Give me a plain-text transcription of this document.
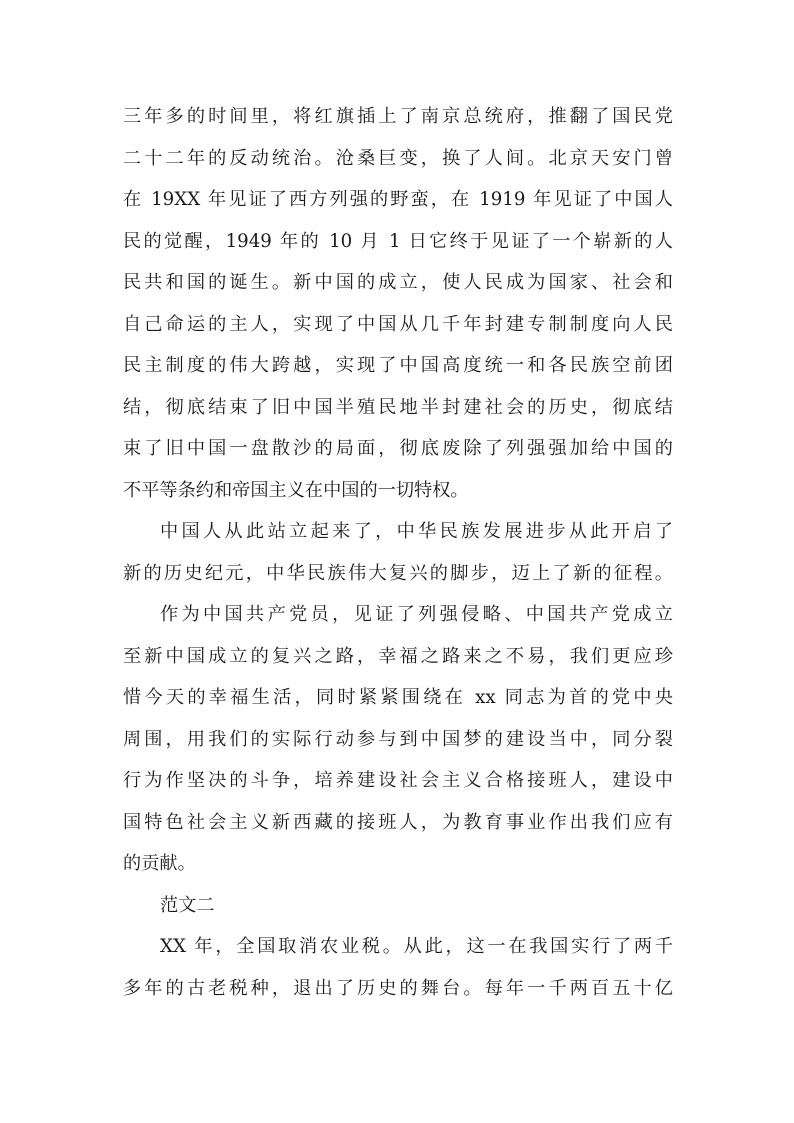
三年多的时间里，将红旗插上了南京总统府，推翻了国民党
二十二年的反动统治。沧桑巨变，换了人间。北京天安门曾
在 19XX 年见证了西方列强的野蛮，在 1919 年见证了中国人
民的觉醒，1949 年的 10 月 1 日它终于见证了一个崭新的人
民共和国的诞生。新中国的成立，使人民成为国家、社会和
自己命运的主人，实现了中国从几千年封建专制制度向人民
民主制度的伟大跨越，实现了中国高度统一和各民族空前团
结，彻底结束了旧中国半殖民地半封建社会的历史，彻底结
束了旧中国一盘散沙的局面，彻底废除了列强强加给中国的
不平等条约和帝国主义在中国的一切特权。
中国人从此站立起来了，中华民族发展进步从此开启了
新的历史纪元，中华民族伟大复兴的脚步，迈上了新的征程。
作为中国共产党员，见证了列强侵略、中国共产党成立
至新中国成立的复兴之路，幸福之路来之不易，我们更应珍
惜今天的幸福生活，同时紧紧围绕在 xx 同志为首的党中央
周围，用我们的实际行动参与到中国梦的建设当中，同分裂
行为作坚决的斗争，培养建设社会主义合格接班人，建设中
国特色社会主义新西藏的接班人，为教育事业作出我们应有
的贡献。
范文二
XX 年，全国取消农业税。从此，这一在我国实行了两千
多年的古老税种，退出了历史的舞台。每年一千两百五十亿
